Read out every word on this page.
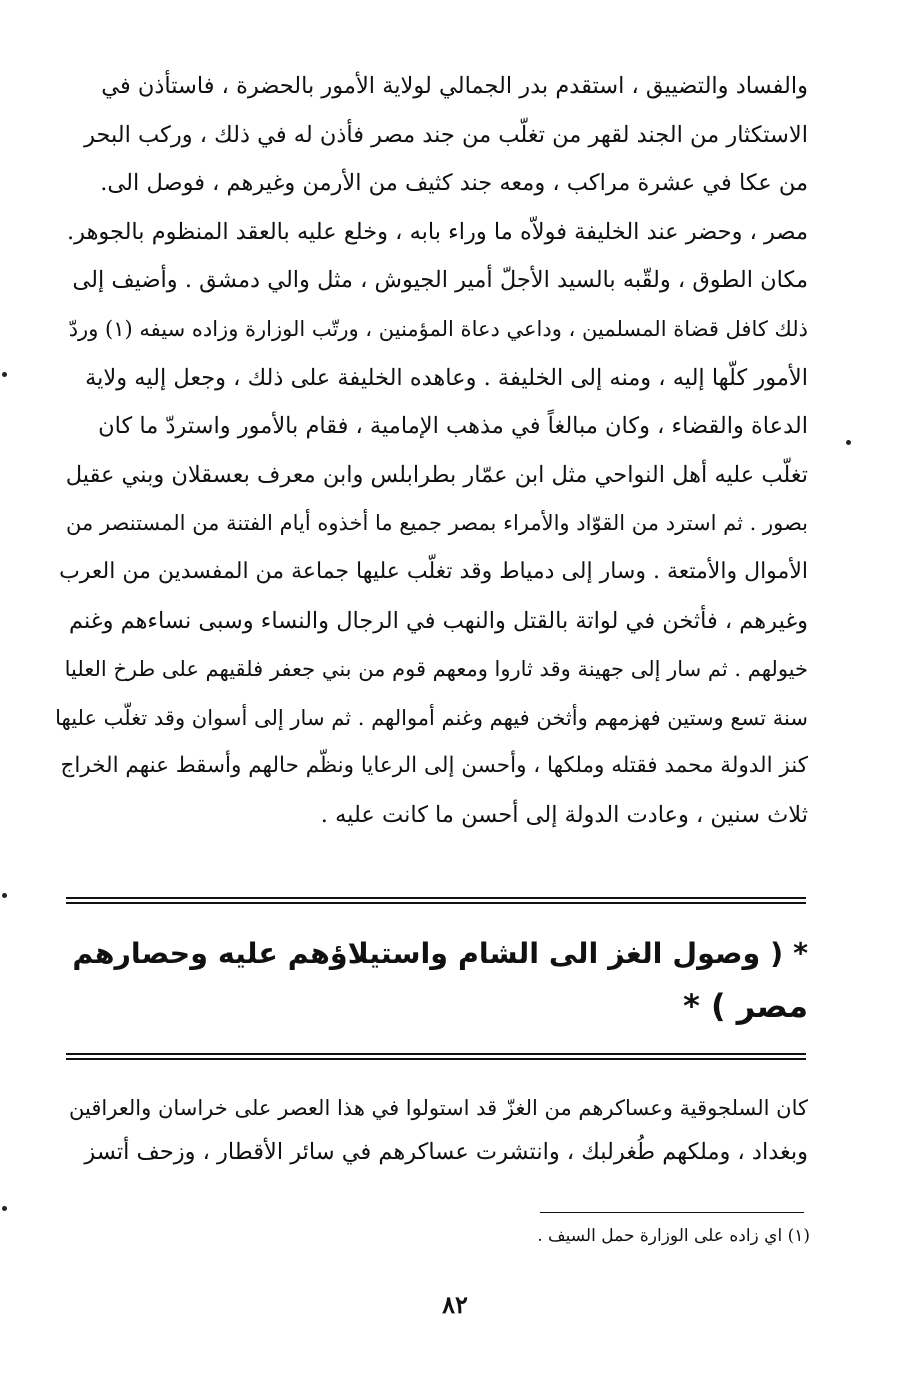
والفساد والتضييق ، استقدم بدر الجمالي لولاية الأمور بالحضرة ، فاستأذن في
الاستكثار من الجند لقهر من تغلّب من جند مصر فأذن له في ذلك ، وركب البحر
من عكا في عشرة مراكب ، ومعه جند كثيف من الأرمن وغيرهم ، فوصل الى.
مصر ، وحضر عند الخليفة فولاّه ما وراء بابه ، وخلع عليه بالعقد المنظوم بالجوهر.
مكان الطوق ، ولقّبه بالسيد الأجلّ أمير الجيوش ، مثل والي دمشق . وأضيف إلى
ذلك كافل قضاة المسلمين ، وداعي دعاة المؤمنين ، ورتّب الوزارة وزاده سيفه (١) وردّ
الأمور كلّها إليه ، ومنه إلى الخليفة . وعاهده الخليفة على ذلك ، وجعل إليه ولاية
الدعاة والقضاء ، وكان مبالغاً في مذهب الإمامية ، فقام بالأمور واستردّ ما كان
تغلّب عليه أهل النواحي مثل ابن عمّار بطرابلس وابن معرف بعسقلان وبني عقيل
بصور . ثم استرد من القوّاد والأمراء بمصر جميع ما أخذوه أيام الفتنة من المستنصر من
الأموال والأمتعة . وسار إلى دمياط وقد تغلّب عليها جماعة من المفسدين من العرب
وغيرهم ، فأثخن في لواتة بالقتل والنهب في الرجال والنساء وسبى نساءهم وغنم
خيولهم . ثم سار إلى جهينة وقد ثاروا ومعهم قوم من بني جعفر فلقيهم على طرخ العليا
سنة تسع وستين فهزمهم وأثخن فيهم وغنم أموالهم . ثم سار إلى أسوان وقد تغلّب عليها
كنز الدولة محمد فقتله وملكها ، وأحسن إلى الرعايا ونظّم حالهم وأسقط عنهم الخراج
ثلاث سنين ، وعادت الدولة إلى أحسن ما كانت عليه .
* ( وصول الغز الى الشام واستيلاؤهم عليه وحصارهم
مصر ) *
كان السلجوقية وعساكرهم من الغزّ قد استولوا في هذا العصر على خراسان والعراقين
وبغداد ، وملكهم طُغرلبك ، وانتشرت عساكرهم في سائر الأقطار ، وزحف أتسز
(١) اي زاده على الوزارة حمل السيف .
٨٢
